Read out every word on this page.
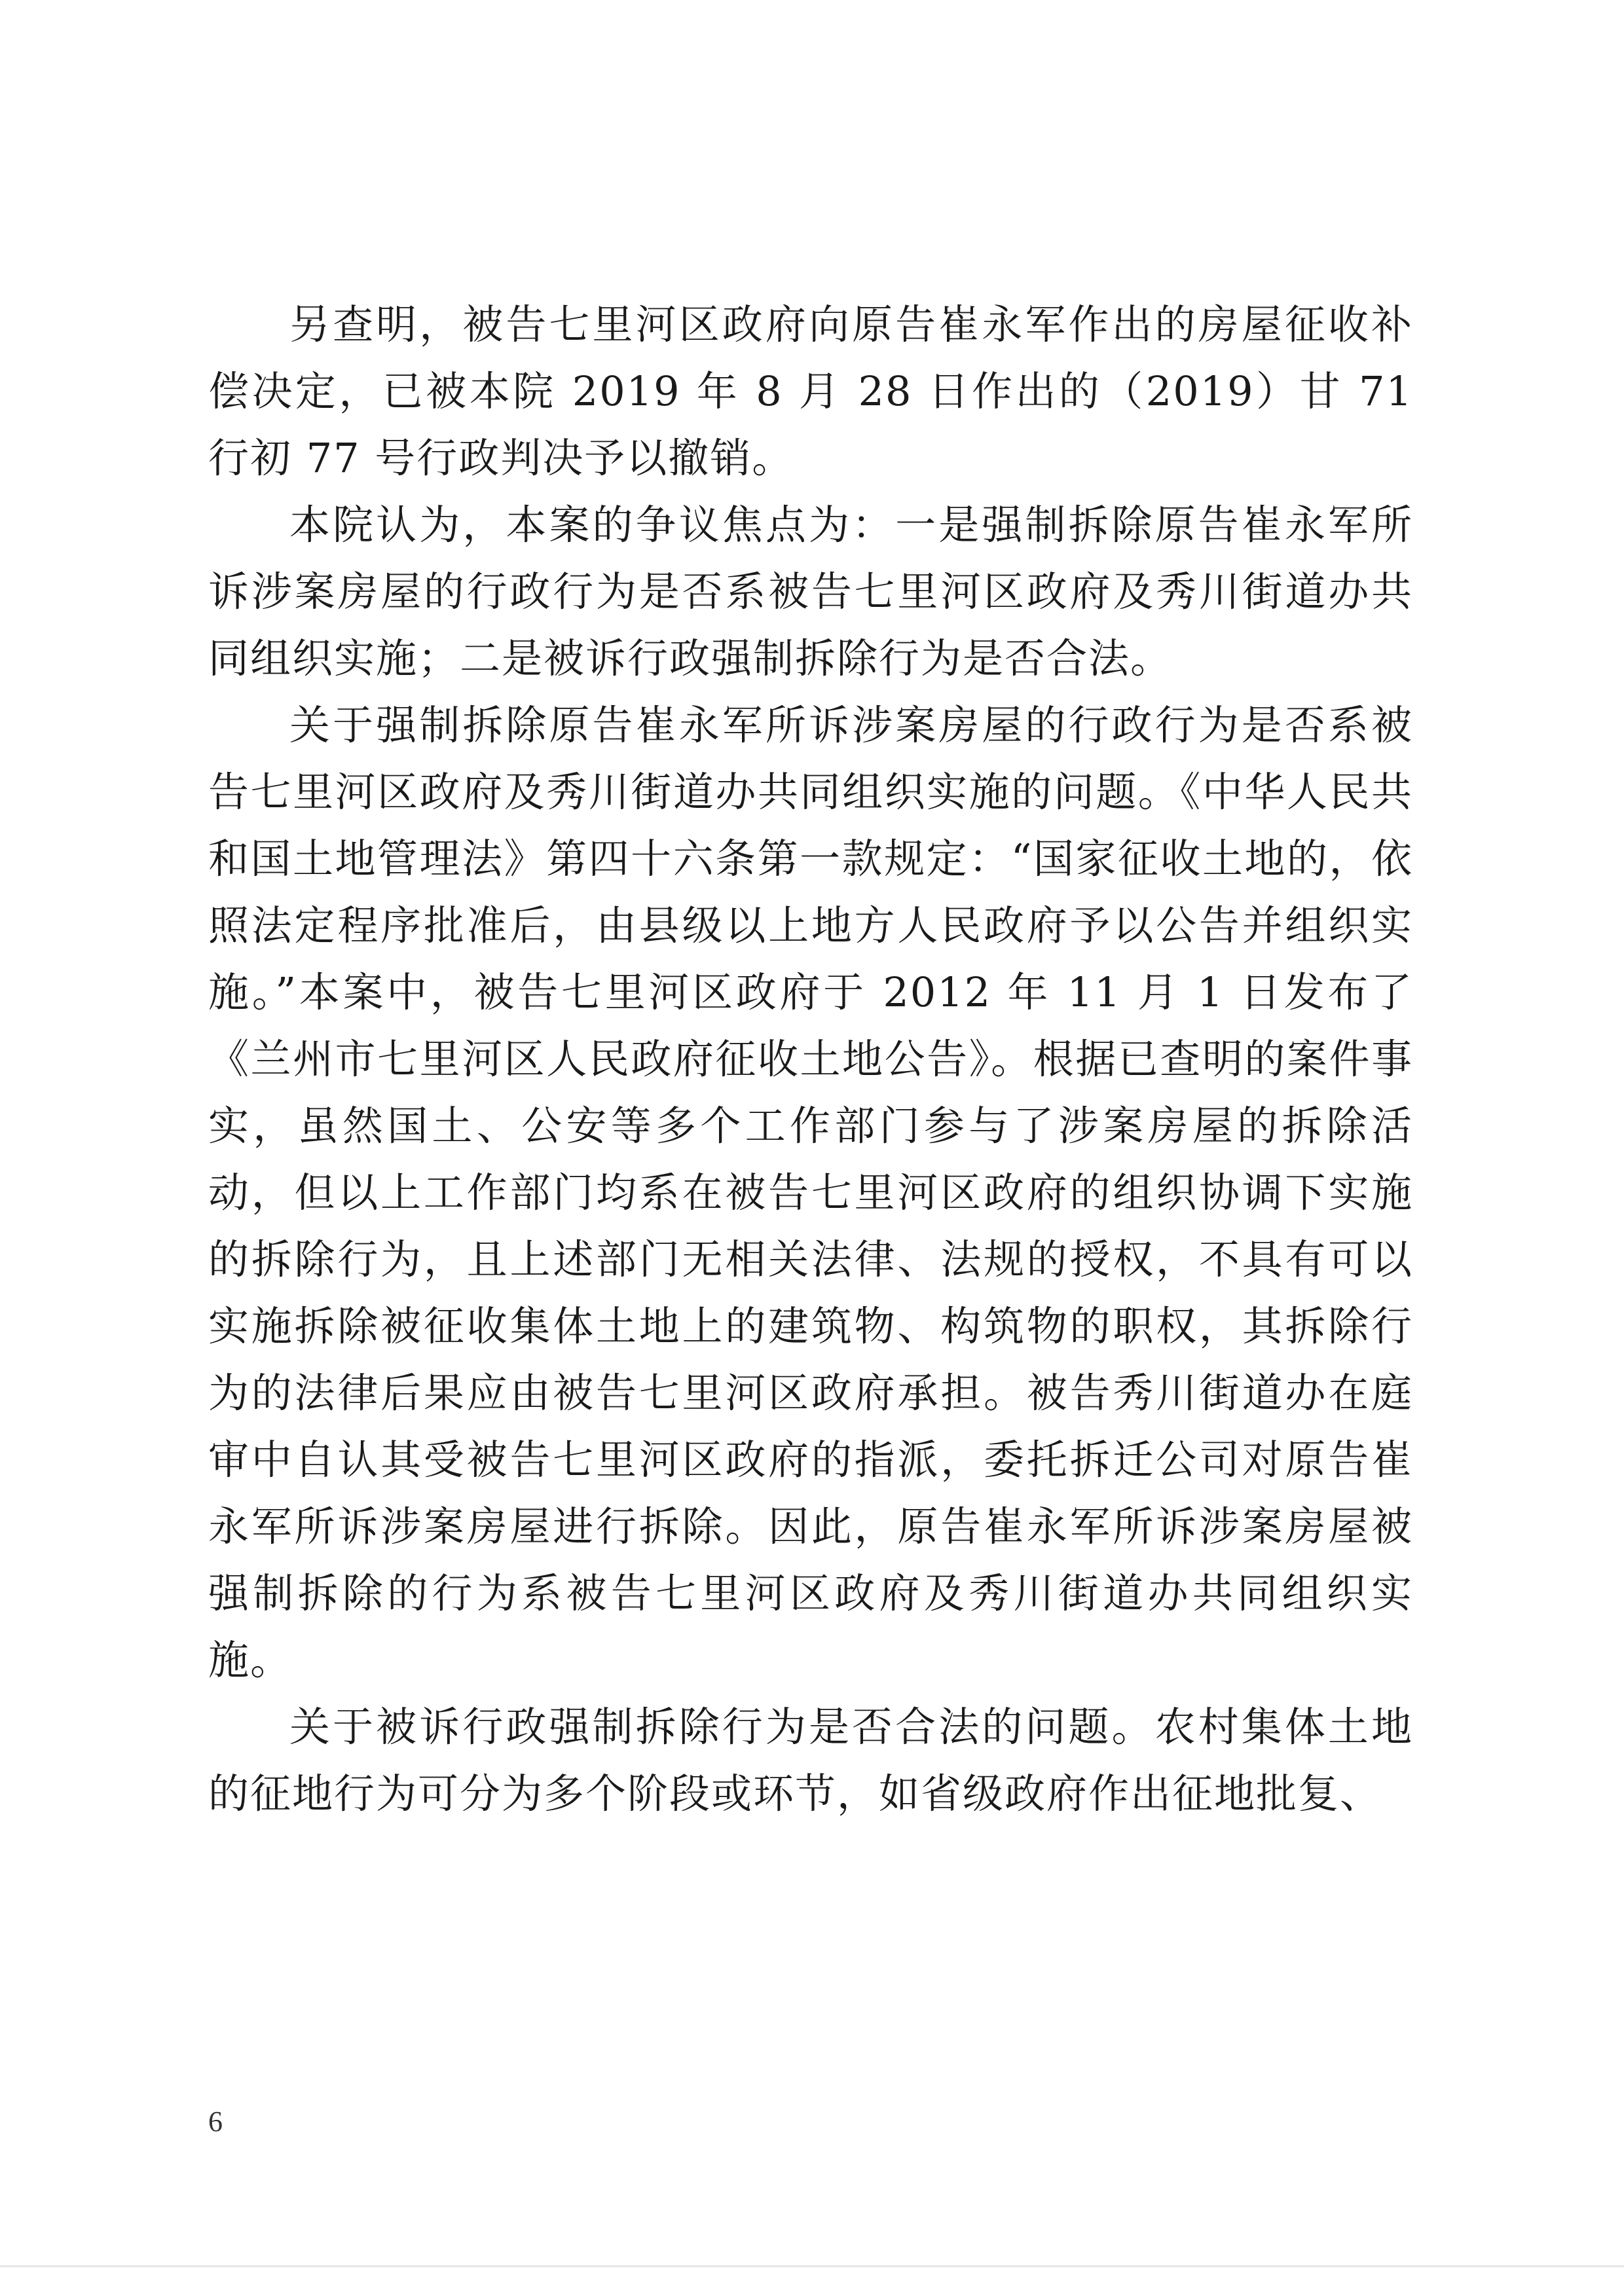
另查明，被告七里河区政府向原告崔永军作出的房屋征收补偿决定，已被本院 2019 年 8 月 28 日作出的（2019）甘 71 行初 77 号行政判决予以撤销。

本院认为，本案的争议焦点为：一是强制拆除原告崔永军所诉涉案房屋的行政行为是否系被告七里河区政府及秀川街道办共同组织实施；二是被诉行政强制拆除行为是否合法。

关于强制拆除原告崔永军所诉涉案房屋的行政行为是否系被告七里河区政府及秀川街道办共同组织实施的问题。《中华人民共和国土地管理法》第四十六条第一款规定：“国家征收土地的，依照法定程序批准后，由县级以上地方人民政府予以公告并组织实施。”本案中，被告七里河区政府于 2012 年 11 月 1 日发布了《兰州市七里河区人民政府征收土地公告》。根据已查明的案件事实，虽然国土、公安等多个工作部门参与了涉案房屋的拆除活动，但以上工作部门均系在被告七里河区政府的组织协调下实施的拆除行为，且上述部门无相关法律、法规的授权，不具有可以实施拆除被征收集体土地上的建筑物、构筑物的职权，其拆除行为的法律后果应由被告七里河区政府承担。被告秀川街道办在庭审中自认其受被告七里河区政府的指派，委托拆迁公司对原告崔永军所诉涉案房屋进行拆除。因此，原告崔永军所诉涉案房屋被强制拆除的行为系被告七里河区政府及秀川街道办共同组织实施。

关于被诉行政强制拆除行为是否合法的问题。农村集体土地的征地行为可分为多个阶段或环节，如省级政府作出征地批复、

6
